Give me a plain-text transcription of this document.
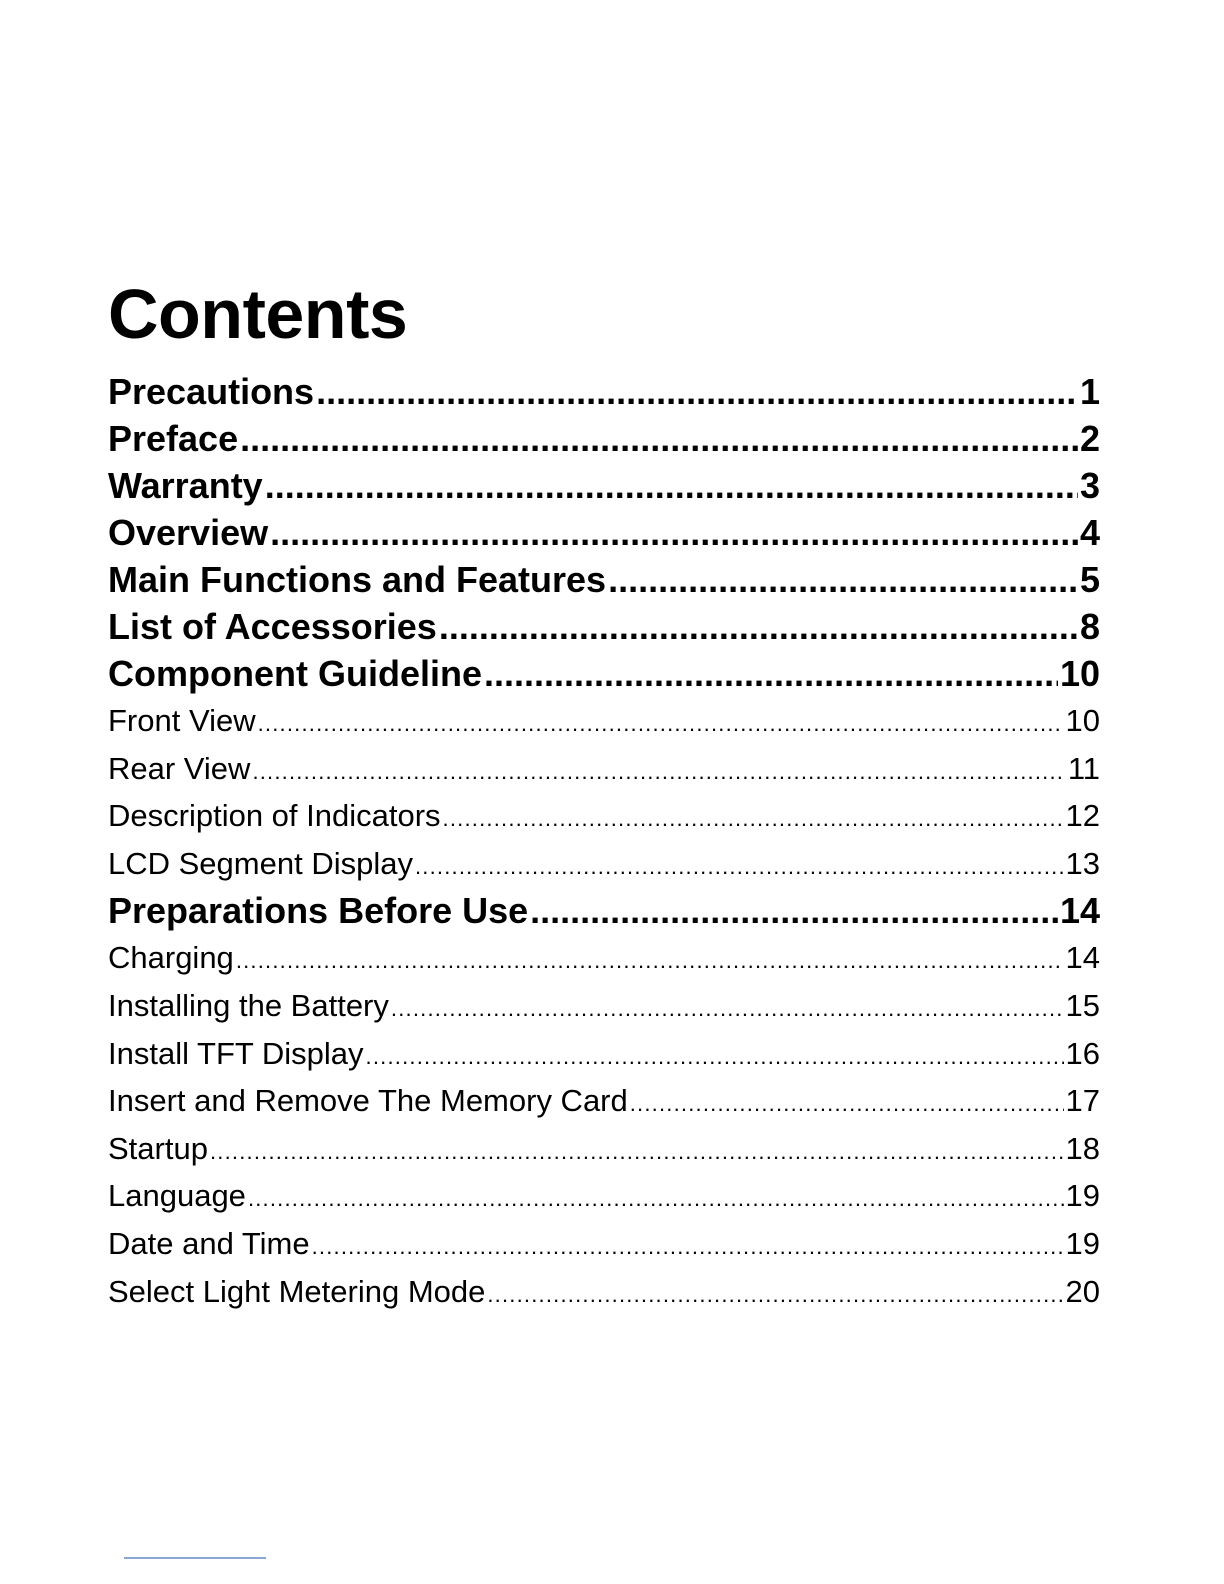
Contents
Precautions .....	1
Preface .....	2
Warranty .....	3
Overview .....	4
Main Functions and Features .....	5
List of Accessories .....	8
Component Guideline .....	10
Front View .....	10
Rear View .....	11
Description of Indicators .....	12
LCD Segment Display .....	13
Preparations Before Use .....	14
Charging .....	14
Installing the Battery .....	15
Install TFT Display .....	16
Insert and Remove The Memory Card .....	17
Startup .....	18
Language .....	19
Date and Time .....	19
Select Light Metering Mode .....	20
